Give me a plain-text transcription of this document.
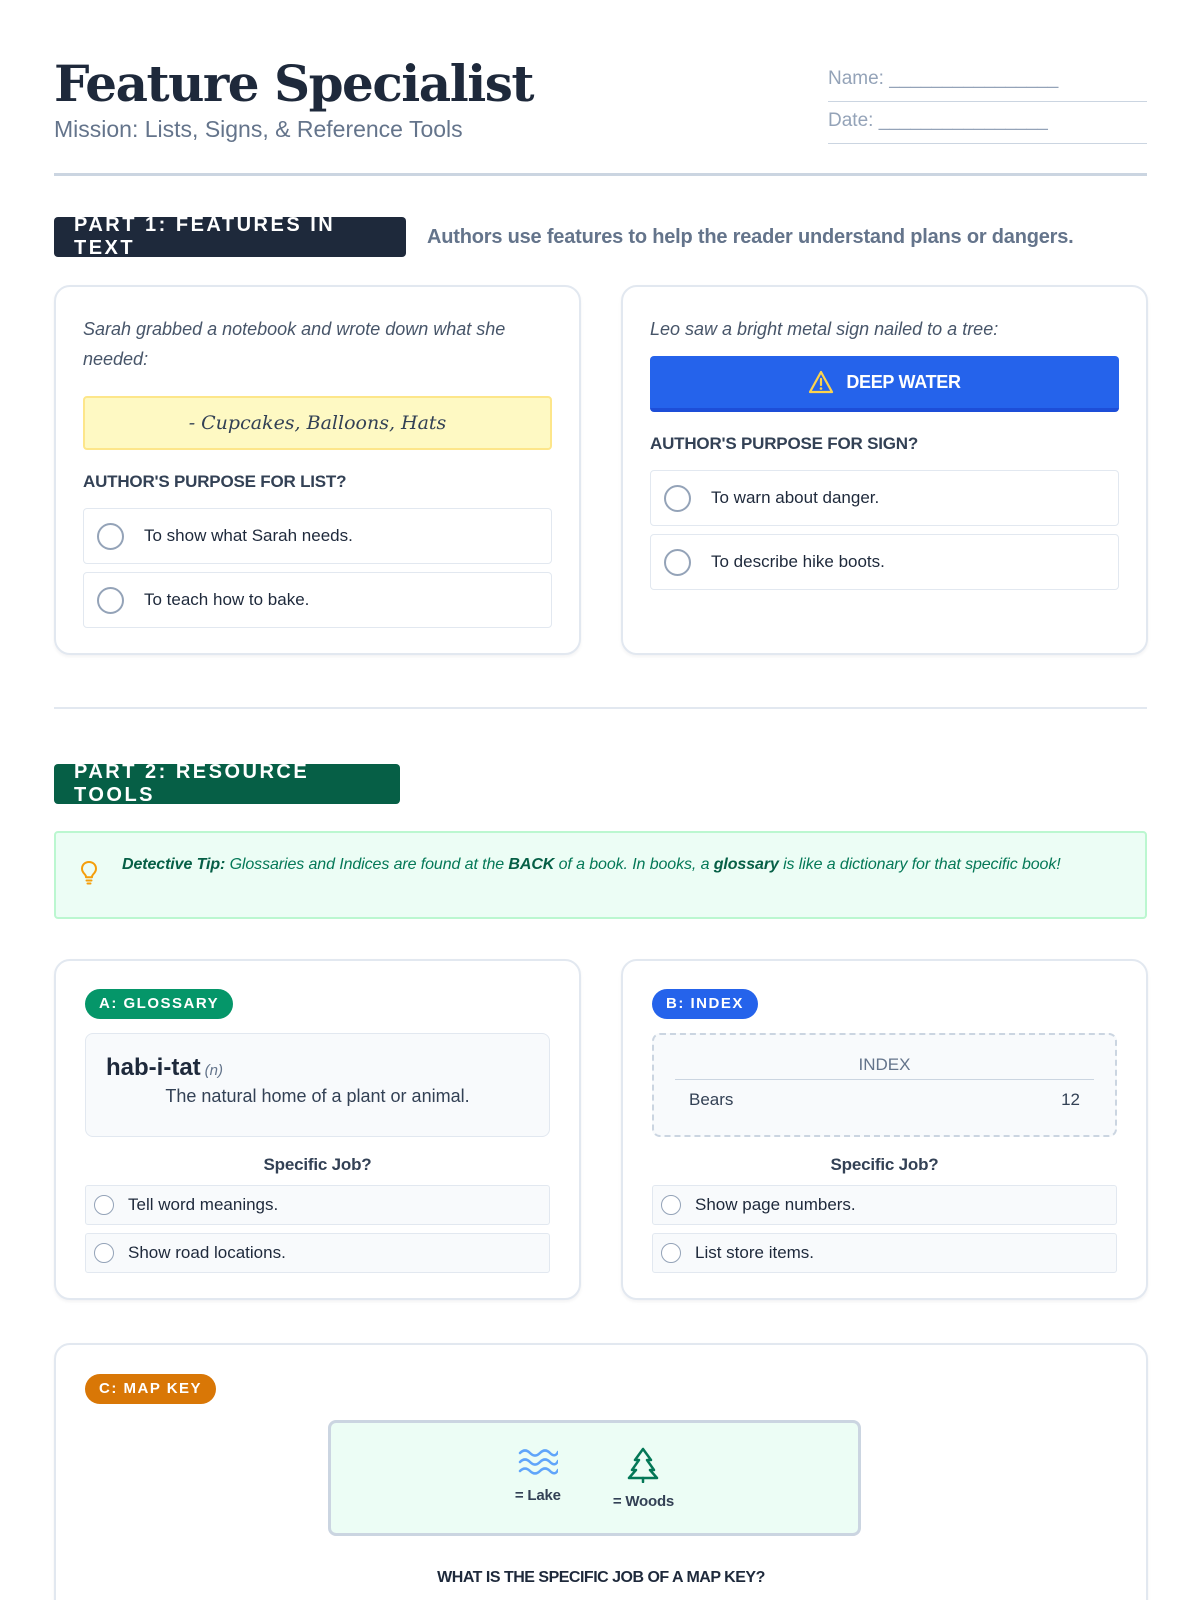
Feature Specialist
Mission: Lists, Signs, & Reference Tools
Name: ________________
Date: ________________
PART 1: FEATURES IN TEXT
Authors use features to help the reader understand plans or dangers.
Sarah grabbed a notebook and wrote down what she needed:
- Cupcakes, Balloons, Hats
AUTHOR'S PURPOSE FOR LIST?
To show what Sarah needs.
To teach how to bake.
Leo saw a bright metal sign nailed to a tree:
DEEP WATER
AUTHOR'S PURPOSE FOR SIGN?
To warn about danger.
To describe hike boots.
PART 2: RESOURCE TOOLS
Detective Tip: Glossaries and Indices are found at the BACK of a book. In books, a glossary is like a dictionary for that specific book!
A: GLOSSARY
hab-i-tat (n)
The natural home of a plant or animal.
Specific Job?
Tell word meanings.
Show road locations.
B: INDEX
INDEX
Bears	12
Specific Job?
Show page numbers.
List store items.
C: MAP KEY
= Lake	= Woods
WHAT IS THE SPECIFIC JOB OF A MAP KEY?
